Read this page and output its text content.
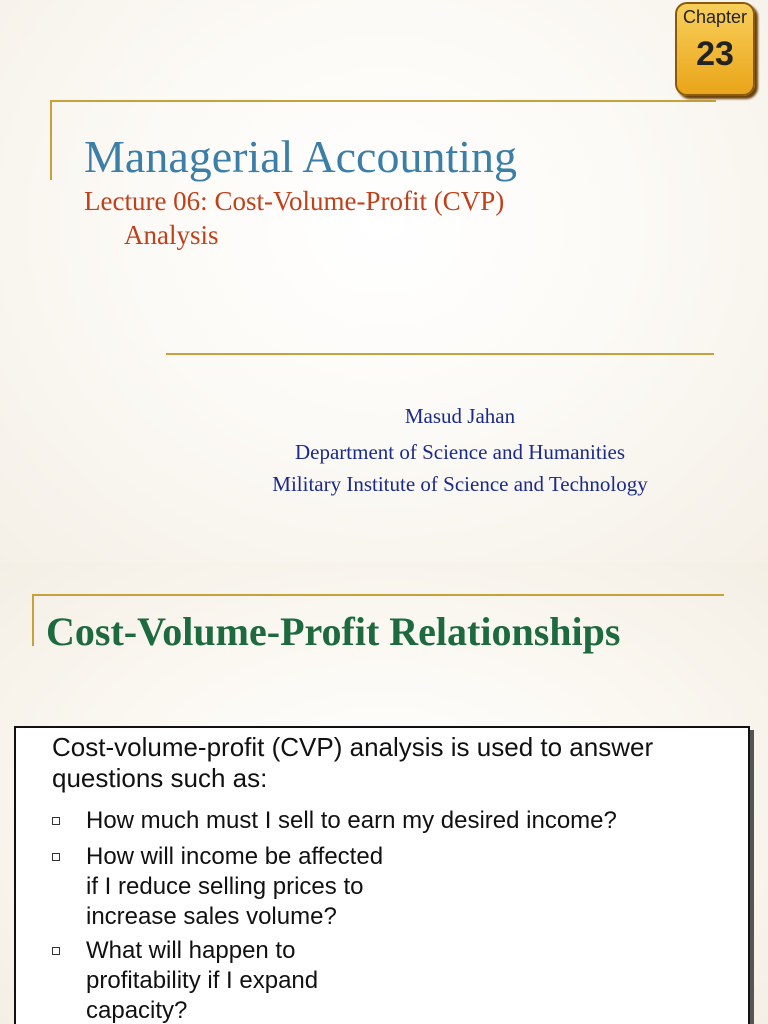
Chapter
23
Managerial Accounting
Lecture 06: Cost-Volume-Profit (CVP)
Analysis
Masud Jahan
Department of Science and Humanities
Military Institute of Science and Technology
Cost-Volume-Profit Relationships
Cost-volume-profit (CVP) analysis is used to answer questions such as:
How much must I sell to earn my desired income?
How will income be affected
if I reduce selling prices to
increase sales volume?
What will happen to
profitability if I expand
capacity?
